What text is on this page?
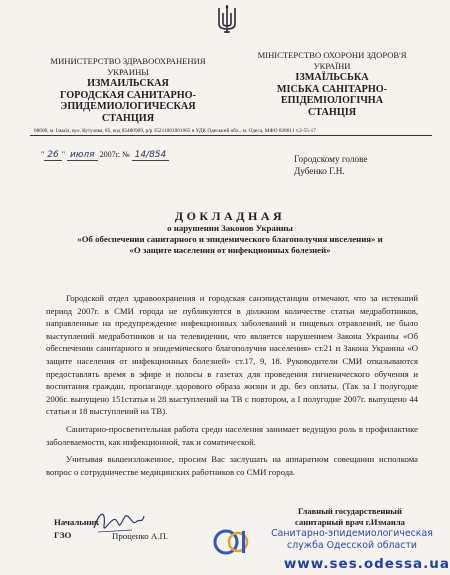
МИНИСТЕРСТВО ЗДРАВООХРАНЕНИЯ
УКРАИНЫ
ИЗМАИЛЬСКАЯ
ГОРОДСКАЯ САНИТАРНО-
ЭПИДЕМИОЛОГИЧЕСКАЯ
СТАНЦИЯ
МІНІСТЕРСТВО ОХОРОНИ ЗДОРОВ'Я
УКРАЇНИ
ІЗМАЇЛЬСЬКА
МІСЬКА САНІТАРНО-
ЕПІДЕМІОЛОГІЧНА
СТАНЦІЯ
68600, м. Ізмаїл, вул. Кутузова, 85, код 05480909, р/р 35211001001065 в УДК Одеський обл., м. Одеса, МФО 828011 т.2-55-17
" 26 " июля 2007г. № 14/854	Городскому голове
Дубенко Г.Н.
ДОКЛАДНАЯ
о нарушении Законов Украины
«Об обеспечении санитарного и эпидемического благополучия нвселения» и
«О защите населения от инфекционных болезней»

Городской отдел здравоохранения и городская санэпидстанция отмечают, что за истекший период 2007г. в СМИ города не публикуются в должном количестве статьи медработников, направленные на предупреждение инфекционных заболеваний и пищевых отравлений, не было выступлений медработников и на телевидении, что является нарушением Закона Украины «Об обеспечении санитарного и эпидемического благополучия населения» ст.21 и Закона Украины «О защите населения от инфекционных болезней» ст.17, 9, 18. Руководители СМИ отказываются предоставлять время в эфире и полосы в газетах для проведения гигиенического обучения и воспитания граждан, пропаганде здорового образа жизни и др. без оплаты. (Так за I полугодие 2006г. выпущено 151статья и 28 выступлений на ТВ с повтором, а I полугодие 2007г. выпущено 44 статьи и 18 выступлений на ТВ).

Санитарно-просветительная работа среди населения занимает ведущую роль в профилактике заболеваемости, как инфекционной, так и соматической.

Учитывая вышеизложенное, просим Вас заслушать на аппаратном совещании исполкома вопрос о сотрудничестве медицинских работников со СМИ города.

Начальник
ГЗО	Проценко А.П.
Главный государственный
санитарный врач г.Измаила
Санитарно-эпидемиологическая
служба Одесской области
www.ses.odessa.ua
